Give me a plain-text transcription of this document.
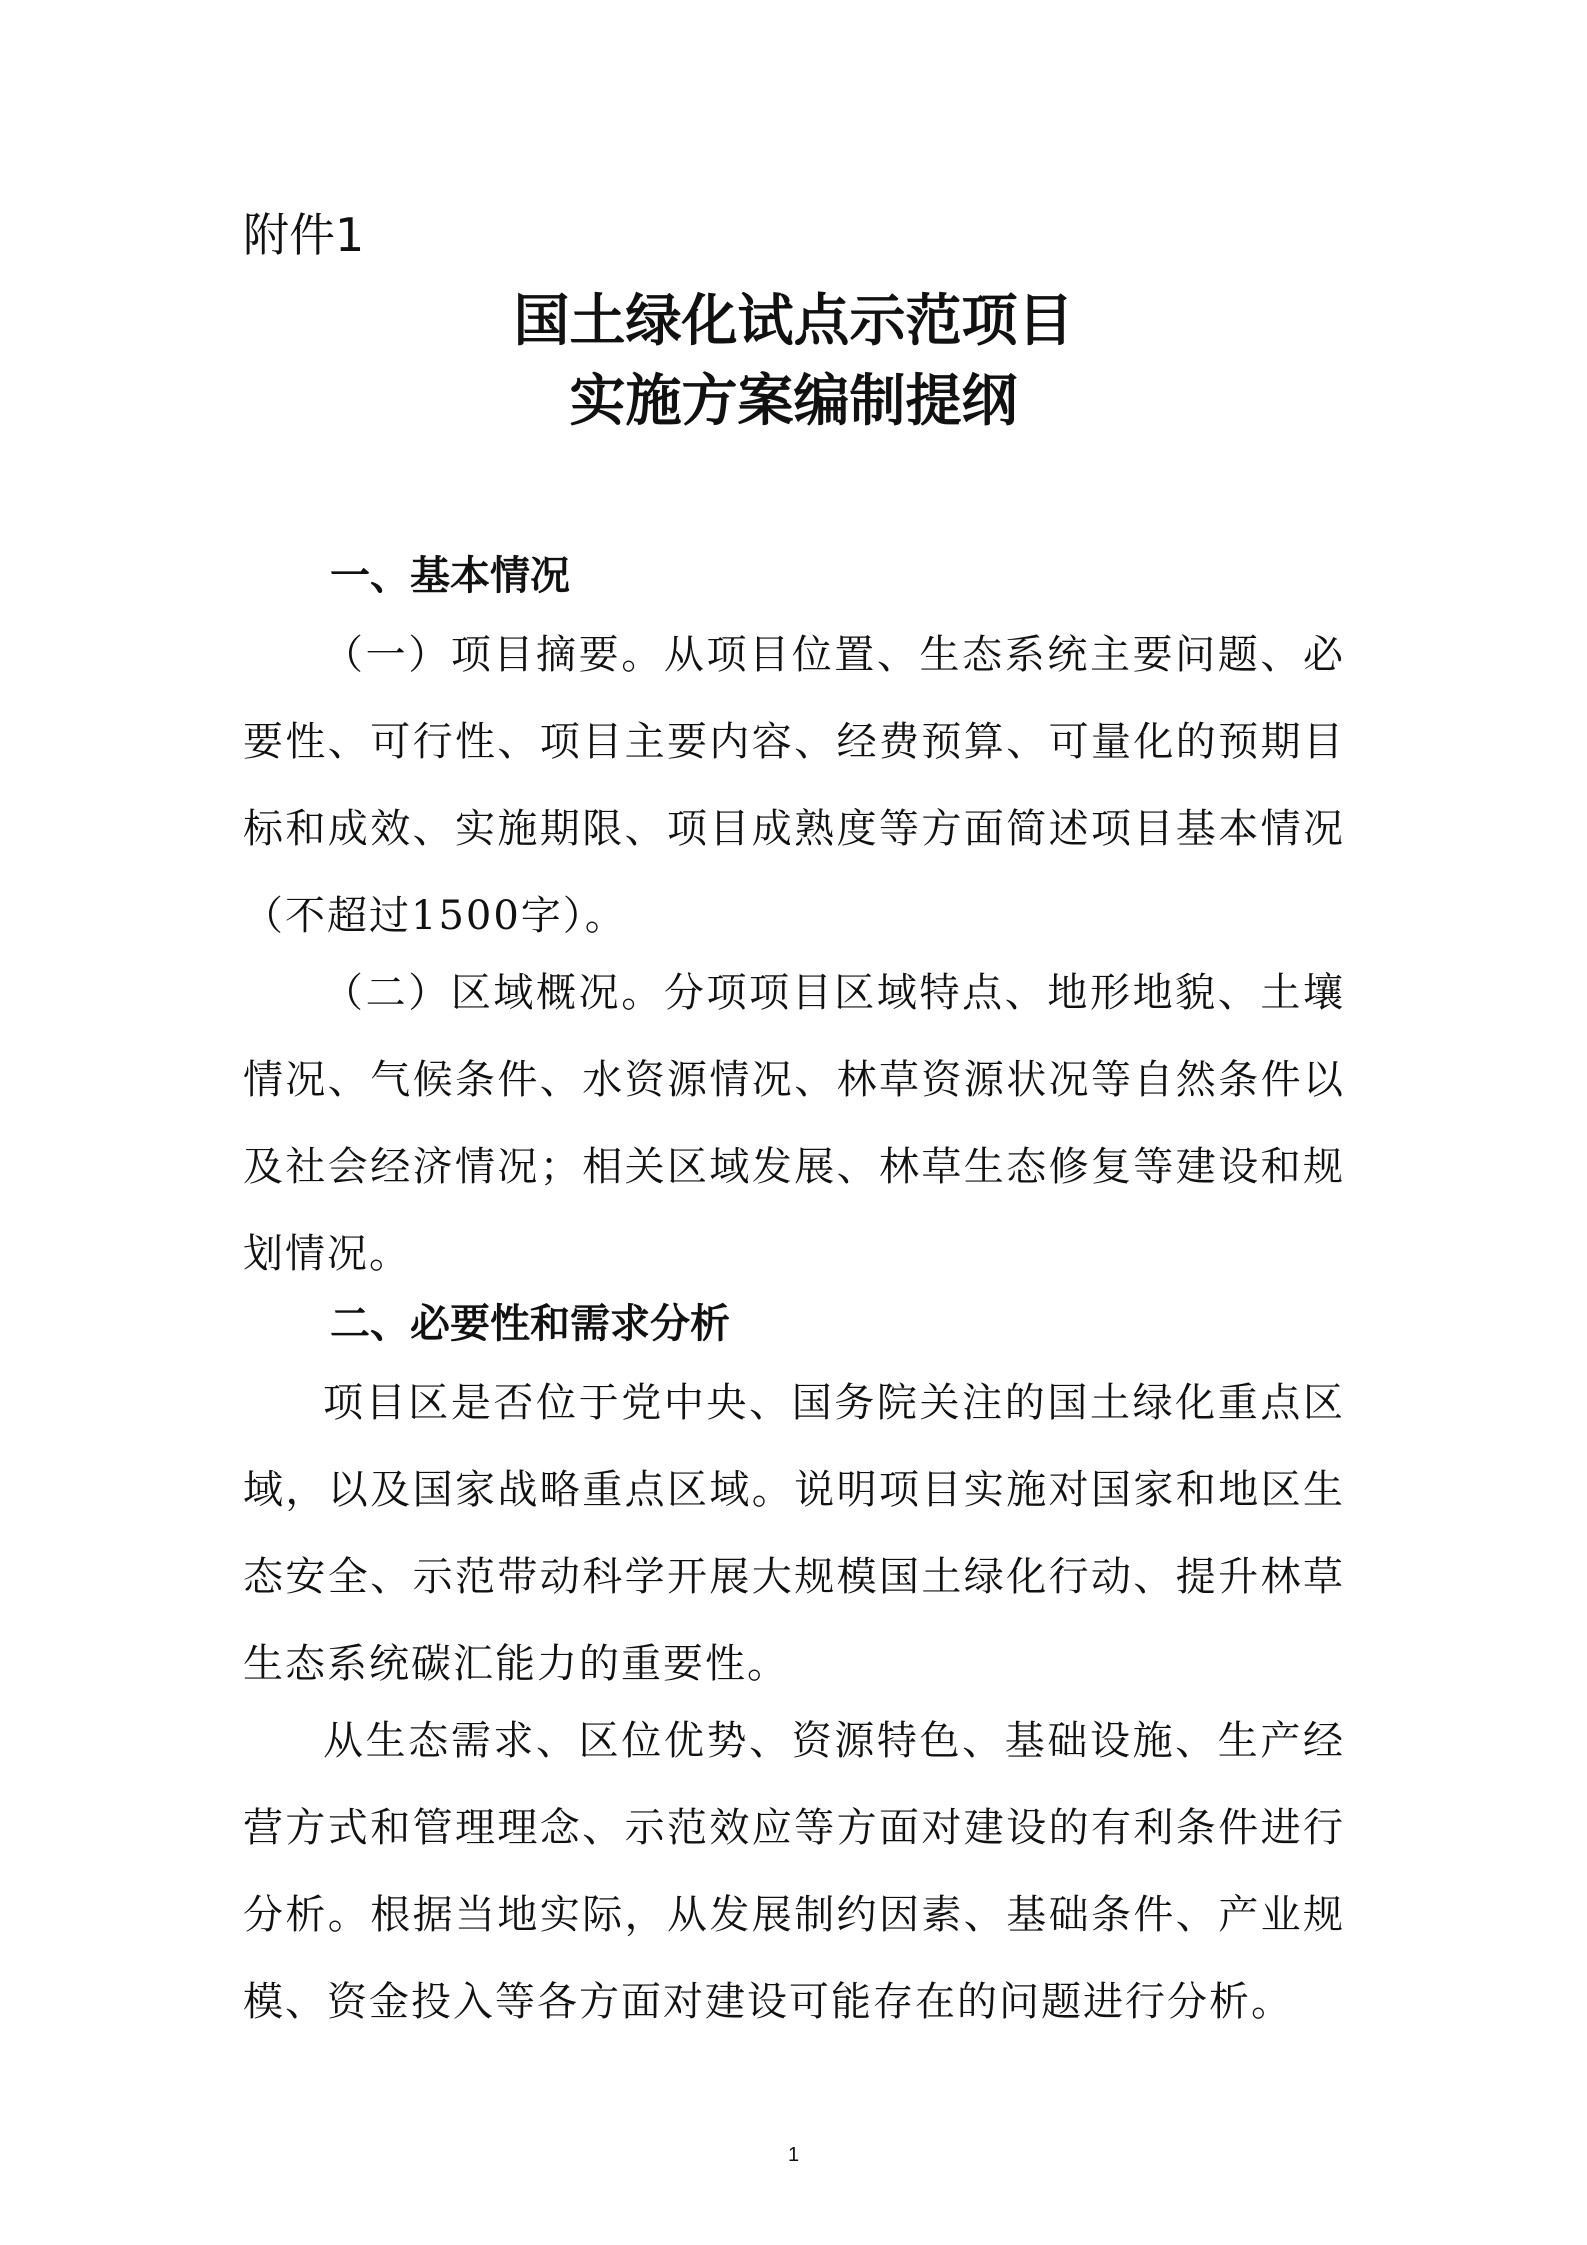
附件1

国土绿化试点示范项目
实施方案编制提纲
一、基本情况

（一）项目摘要。从项目位置、生态系统主要问题、必要性、可行性、项目主要内容、经费预算、可量化的预期目标和成效、实施期限、项目成熟度等方面简述项目基本情况（不超过1500字）。

（二）区域概况。分项项目区域特点、地形地貌、土壤情况、气候条件、水资源情况、林草资源状况等自然条件以及社会经济情况；相关区域发展、林草生态修复等建设和规划情况。

二、必要性和需求分析

项目区是否位于党中央、国务院关注的国土绿化重点区域，以及国家战略重点区域。说明项目实施对国家和地区生态安全、示范带动科学开展大规模国土绿化行动、提升林草生态系统碳汇能力的重要性。

从生态需求、区位优势、资源特色、基础设施、生产经营方式和管理理念、示范效应等方面对建设的有利条件进行分析。根据当地实际，从发展制约因素、基础条件、产业规模、资金投入等各方面对建设可能存在的问题进行分析。

1
